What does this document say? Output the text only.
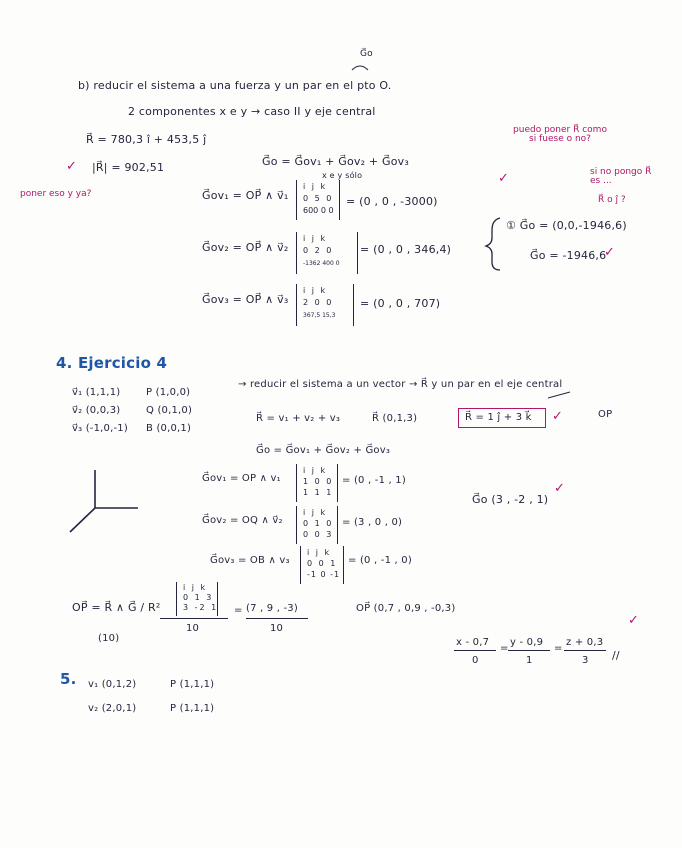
b) reducir el sistema a una fuerza y un par en el pto O.
G⃗o
2 componentes x e y → caso II y eje central
R⃗ = 780,3 î + 453,5 ĵ
|R⃗| = 902,51
✓
poner eso y ya?
G⃗o = G⃗ov₁ + G⃗ov₂ + G⃗ov₃
x e y sólo
G⃗ov₁ = OP⃗ ∧ v⃗₁
i j k
0 5 0
600 0 0
= (0 , 0 , -3000)
G⃗ov₂ = OP⃗ ∧ v⃗₂
i j k
0 2 0
-1362 400 0
= (0 , 0 , 346,4)
G⃗ov₃ = OP⃗ ∧ v⃗₃
i j k
2 0 0
367,5 15,3
= (0 , 0 , 707)
① G⃗o = (0,0,-1946,6)
G⃗o = -1946,6
✓
puedo poner R⃗ como si fuese o no?
✓	si no pongo R⃗ es ...
R⃗ o ĵ ?
4. Ejercicio 4
v⃗₁ (1,1,1)	P (1,0,0)
v⃗₂ (0,0,3)	Q (0,1,0)
v⃗₃ (-1,0,-1) B (0,0,1)
→ reducir el sistema a un vector → R⃗ y un par en el eje central
OP
R⃗ = v₁ + v₂ + v₃	R⃗ (0,1,3)	R⃗ = 1 ĵ + 3 k⃗ ✓
G⃗o = G⃗ov₁ + G⃗ov₂ + G⃗ov₃
G⃗ov₁ = OP ∧ v₁
i j k
1 0 0
1 1 1
= (0 , -1 , 1)
G⃗o (3 , -2 , 1)
✓
G⃗ov₂ = OQ ∧ v⃗₂
i j k
0 1 0
0 0 3
= (3 , 0 , 0)
G⃗ov₃ = OB ∧ v₃
i j k
0 0 1
-1 0 -1
= (0 , -1 , 0)
OP⃗ = R⃗ ∧ G⃗ / R²
i j k
0 1 3
3 -2 1
10
= (7 , 9 , -3)
10
OP⃗ (0,7 , 0,9 , -0,3)
(10)
✓
x - 0,7
0
=
y - 0,9
1
=
z + 0,3
3 //
5. v₁ (0,1,2)	P (1,1,1)
v₂ (2,0,1)	P (1,1,1)
